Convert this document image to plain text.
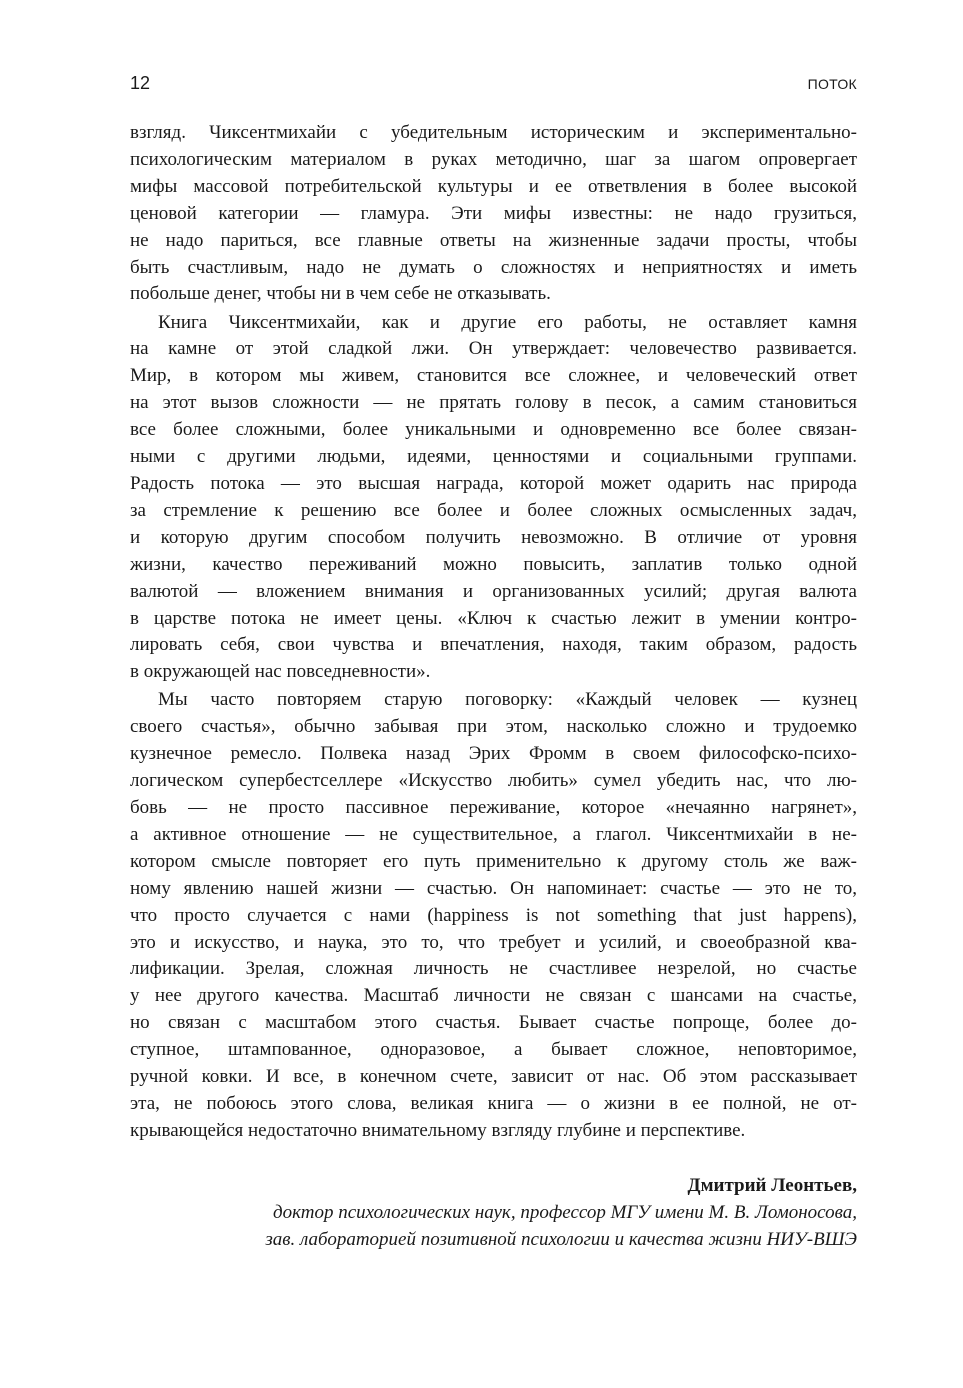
12	ПОТОК
взгляд. Чиксентмихайи с убедительным историческим и экспериментально-
психологическим материалом в руках методично, шаг за шагом опровергает
мифы массовой потребительской культуры и ее ответвления в более высокой
ценовой категории — гламура. Эти мифы известны: не надо грузиться,
не надо париться, все главные ответы на жизненные задачи просты, чтобы
быть счастливым, надо не думать о сложностях и неприятностях и иметь
побольше денег, чтобы ни в чем себе не отказывать.
Книга Чиксентмихайи, как и другие его работы, не оставляет камня
на камне от этой сладкой лжи. Он утверждает: человечество развивается.
Мир, в котором мы живем, становится все сложнее, и человеческий ответ
на этот вызов сложности — не прятать голову в песок, а самим становиться
все более сложными, более уникальными и одновременно все более связан-
ными с другими людьми, идеями, ценностями и социальными группами.
Радость потока — это высшая награда, которой может одарить нас природа
за стремление к решению все более и более сложных осмысленных задач,
и которую другим способом получить невозможно. В отличие от уровня
жизни, качество переживаний можно повысить, заплатив только одной
валютой — вложением внимания и организованных усилий; другая валюта
в царстве потока не имеет цены. «Ключ к счастью лежит в умении контро-
лировать себя, свои чувства и впечатления, находя, таким образом, радость
в окружающей нас повседневности».
Мы часто повторяем старую поговорку: «Каждый человек — кузнец
своего счастья», обычно забывая при этом, насколько сложно и трудоемко
кузнечное ремесло. Полвека назад Эрих Фромм в своем философско-психо-
логическом супербестселлере «Искусство любить» сумел убедить нас, что лю-
бовь — не просто пассивное переживание, которое «нечаянно нагрянет»,
а активное отношение — не существительное, а глагол. Чиксентмихайи в не-
котором смысле повторяет его путь применительно к другому столь же важ-
ному явлению нашей жизни — счастью. Он напоминает: счастье — это не то,
что просто случается с нами (happiness is not something that just happens),
это и искусство, и наука, это то, что требует и усилий, и своеобразной ква-
лификации. Зрелая, сложная личность не счастливее незрелой, но счастье
у нее другого качества. Масштаб личности не связан с шансами на счастье,
но связан с масштабом этого счастья. Бывает счастье попроще, более до-
ступное, штампованное, одноразовое, а бывает сложное, неповторимое,
ручной ковки. И все, в конечном счете, зависит от нас. Об этом рассказывает
эта, не побоюсь этого слова, великая книга — о жизни в ее полной, не от-
крывающейся недостаточно внимательному взгляду глубине и перспективе.
Дмитрий Леонтьев,
доктор психологических наук, профессор МГУ имени М. В. Ломоносова,
зав. лабораторией позитивной психологии и качества жизни НИУ-ВШЭ
